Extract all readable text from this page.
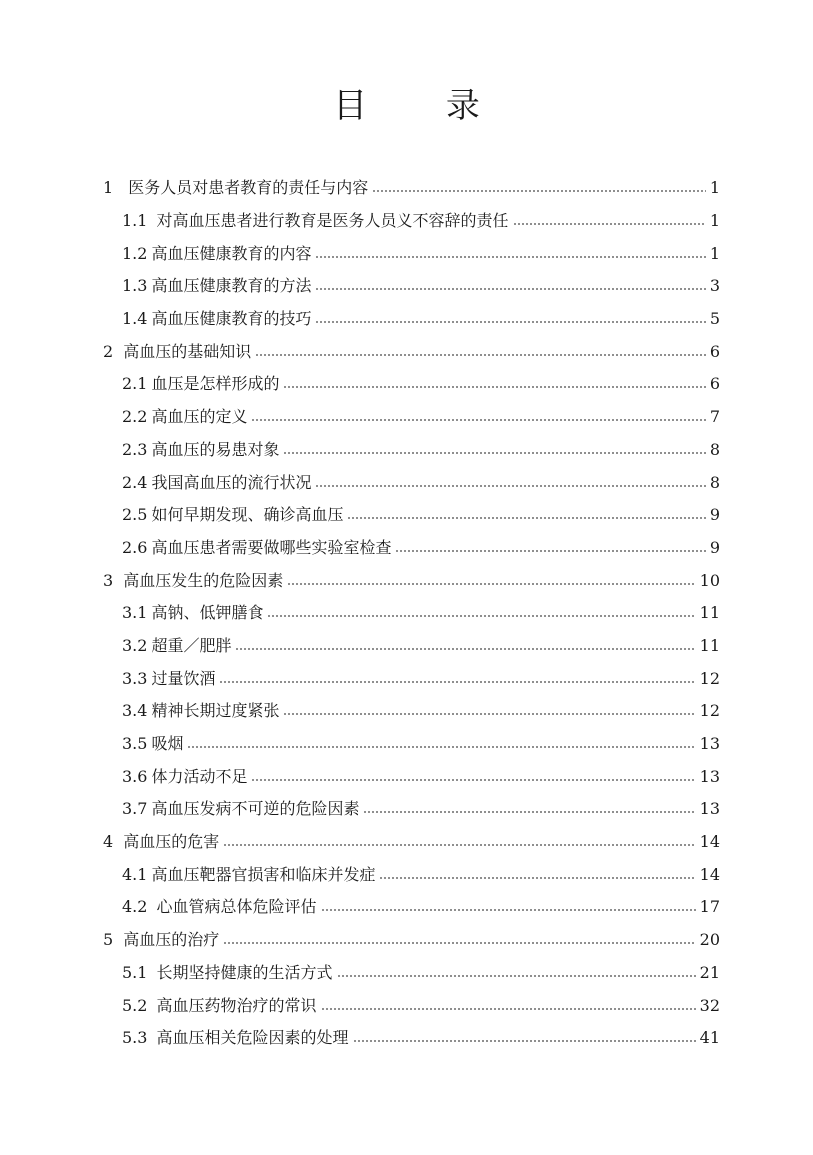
目 录
1 医务人员对患者教育的责任与内容	1
1.1 对高血压患者进行教育是医务人员义不容辞的责任	1
1.2 高血压健康教育的内容	1
1.3 高血压健康教育的方法	3
1.4 高血压健康教育的技巧	5
2 高血压的基础知识	6
2.1 血压是怎样形成的	6
2.2 高血压的定义	7
2.3 高血压的易患对象	8
2.4 我国高血压的流行状况	8
2.5 如何早期发现、确诊高血压	9
2.6 高血压患者需要做哪些实验室检查	9
3 高血压发生的危险因素	10
3.1 高钠、低钾膳食	11
3.2 超重／肥胖	11
3.3 过量饮酒	12
3.4 精神长期过度紧张	12
3.5 吸烟	13
3.6 体力活动不足	13
3.7 高血压发病不可逆的危险因素	13
4 高血压的危害	14
4.1 高血压靶器官损害和临床并发症	14
4.2 心血管病总体危险评估	17
5 高血压的治疗	20
5.1 长期坚持健康的生活方式	21
5.2 高血压药物治疗的常识	32
5.3 高血压相关危险因素的处理	41
